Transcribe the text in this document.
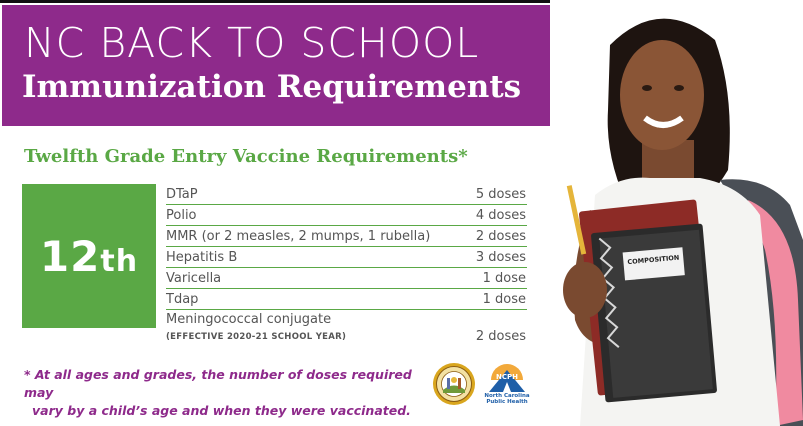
NC BACK TO SCHOOL
Immunization Requirements
Twelfth Grade Entry Vaccine Requirements*
12th
DTaP	5 doses
Polio	4 doses
MMR (or 2 measles, 2 mumps, 1 rubella)	2 doses
Hepatitis B	3 doses
Varicella	1 dose
Tdap	1 dose
Meningococcal conjugate
(EFFECTIVE 2020-21 SCHOOL YEAR)	2 doses
* At all ages and grades, the number of doses required may
vary by a child’s age and when they were vaccinated.
NCPH
North Carolina Public Health
COMPOSITION
